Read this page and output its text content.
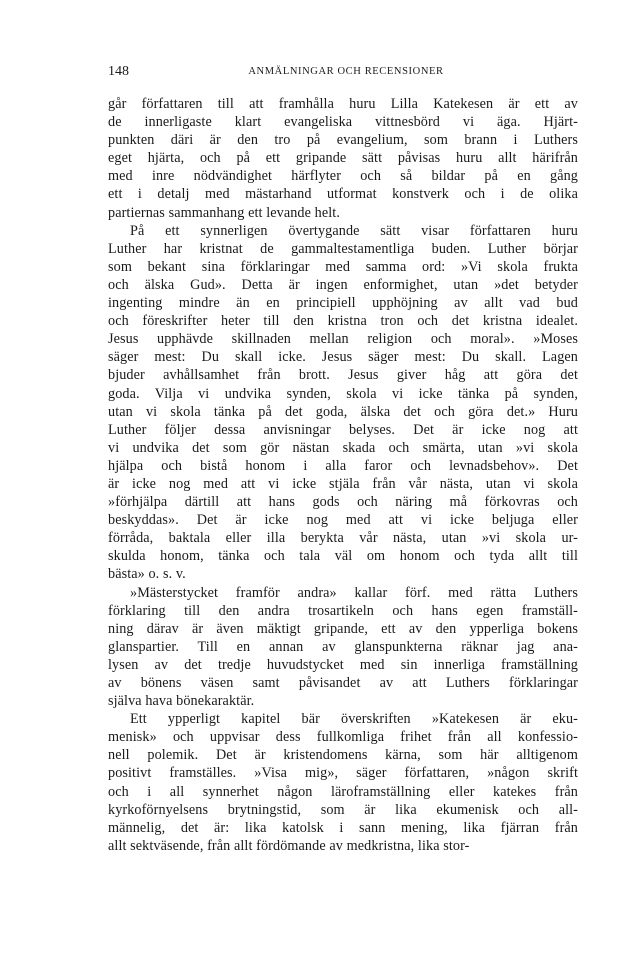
148	ANMÄLNINGAR OCH RECENSIONER

går författaren till att framhålla huru Lilla Katekesen är ett av
de innerligaste klart evangeliska vittnesbörd vi äga. Hjärt-
punkten däri är den tro på evangelium, som brann i Luthers
eget hjärta, och på ett gripande sätt påvisas huru allt härifrån
med inre nödvändighet härflyter och så bildar på en gång
ett i detalj med mästarhand utformat konstverk och i de olika
partiernas sammanhang ett levande helt.

På ett synnerligen övertygande sätt visar författaren huru
Luther har kristnat de gammaltestamentliga buden. Luther börjar
som bekant sina förklaringar med samma ord: »Vi skola frukta
och älska Gud». Detta är ingen enformighet, utan »det betyder
ingenting mindre än en principiell upphöjning av allt vad bud
och föreskrifter heter till den kristna tron och det kristna idealet.
Jesus upphävde skillnaden mellan religion och moral». »Moses
säger mest: Du skall icke. Jesus säger mest: Du skall. Lagen
bjuder avhållsamhet från brott. Jesus giver håg att göra det
goda. Vilja vi undvika synden, skola vi icke tänka på synden,
utan vi skola tänka på det goda, älska det och göra det.» Huru
Luther följer dessa anvisningar belyses. Det är icke nog att
vi undvika det som gör nästan skada och smärta, utan »vi skola
hjälpa och bistå honom i alla faror och levnadsbehov». Det
är icke nog med att vi icke stjäla från vår nästa, utan vi skola
»förhjälpa därtill att hans gods och näring må förkovras och
beskyddas». Det är icke nog med att vi icke beljuga eller
förråda, baktala eller illa berykta vår nästa, utan »vi skola ur-
skulda honom, tänka och tala väl om honom och tyda allt till
bästa» o. s. v.

»Mästerstycket framför andra» kallar förf. med rätta Luthers
förklaring till den andra trosartikeln och hans egen framställ-
ning därav är även mäktigt gripande, ett av den ypperliga bokens
glanspartier. Till en annan av glanspunkterna räknar jag ana-
lysen av det tredje huvudstycket med sin innerliga framställning
av bönens väsen samt påvisandet av att Luthers förklaringar
själva hava bönekaraktär.

Ett ypperligt kapitel bär överskriften »Katekesen är eku-
menisk» och uppvisar dess fullkomliga frihet från all konfessio-
nell polemik. Det är kristendomens kärna, som här alltigenom
positivt framställes. »Visa mig», säger författaren, »någon skrift
och i all synnerhet någon läroframställning eller katekes från
kyrkoförnyelsens brytningstid, som är lika ekumenisk och all-
männelig, det är: lika katolsk i sann mening, lika fjärran från
allt sektväsende, från allt fördömande av medkristna, lika stor-
